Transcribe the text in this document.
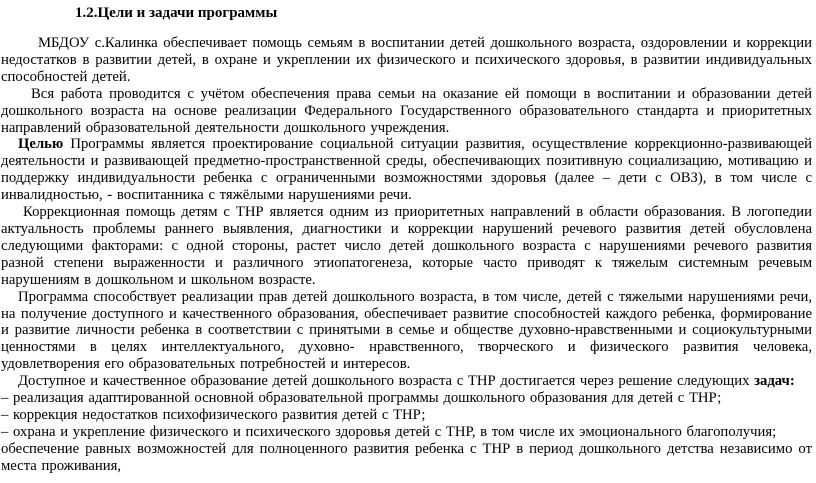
1.2.Цели и задачи программы

МБДОУ с.Калинка обеспечивает помощь семьям в воспитании детей дошкольного возраста, оздоровлении и коррекции недостатков в развитии детей, в охране и укреплении их физического и психического здоровья, в развитии индивидуальных способностей детей.

Вся работа проводится с учётом обеспечения права семьи на оказание ей помощи в воспитании и образовании детей дошкольного возраста на основе реализации Федерального Государственного образовательного стандарта и приоритетных направлений образовательной деятельности дошкольного учреждения.

Целью Программы является проектирование социальной ситуации развития, осуществление коррекционно-развивающей деятельности и развивающей предметно-пространственной среды, обеспечивающих позитивную социализацию, мотивацию и поддержку индивидуальности ребенка с ограниченными возможностями здоровья (далее – дети с ОВЗ), в том числе с инвалидностью, - воспитанника с тяжёлыми нарушениями речи.

Коррекционная помощь детям с ТНР является одним из приоритетных направлений в области образования. В логопедии актуальность проблемы раннего выявления, диагностики и коррекции нарушений речевого развития детей обусловлена следующими факторами: с одной стороны, растет число детей дошкольного возраста с нарушениями речевого развития разной степени выраженности и различного этиопатогенеза, которые часто приводят к тяжелым системным речевым нарушениям в дошкольном и школьном возрасте.

Программа способствует реализации прав детей дошкольного возраста, в том числе, детей с тяжелыми нарушениями речи, на получение доступного и качественного образования, обеспечивает развитие способностей каждого ребенка, формирование и развитие личности ребенка в соответствии с принятыми в семье и обществе духовно-нравственными и социокультурными ценностями в целях интеллектуального, духовно- нравственного, творческого и физического развития человека, удовлетворения его образовательных потребностей и интересов.

Доступное и качественное образование детей дошкольного возраста с ТНР достигается через решение следующих задач:

– реализация адаптированной основной образовательной программы дошкольного образования для детей с ТНР;

– коррекция недостатков психофизического развития детей с ТНР;

– охрана и укрепление физического и психического здоровья детей с ТНР, в том числе их эмоционального благополучия;

обеспечение равных возможностей для полноценного развития ребенка с ТНР в период дошкольного детства независимо от места проживания,
